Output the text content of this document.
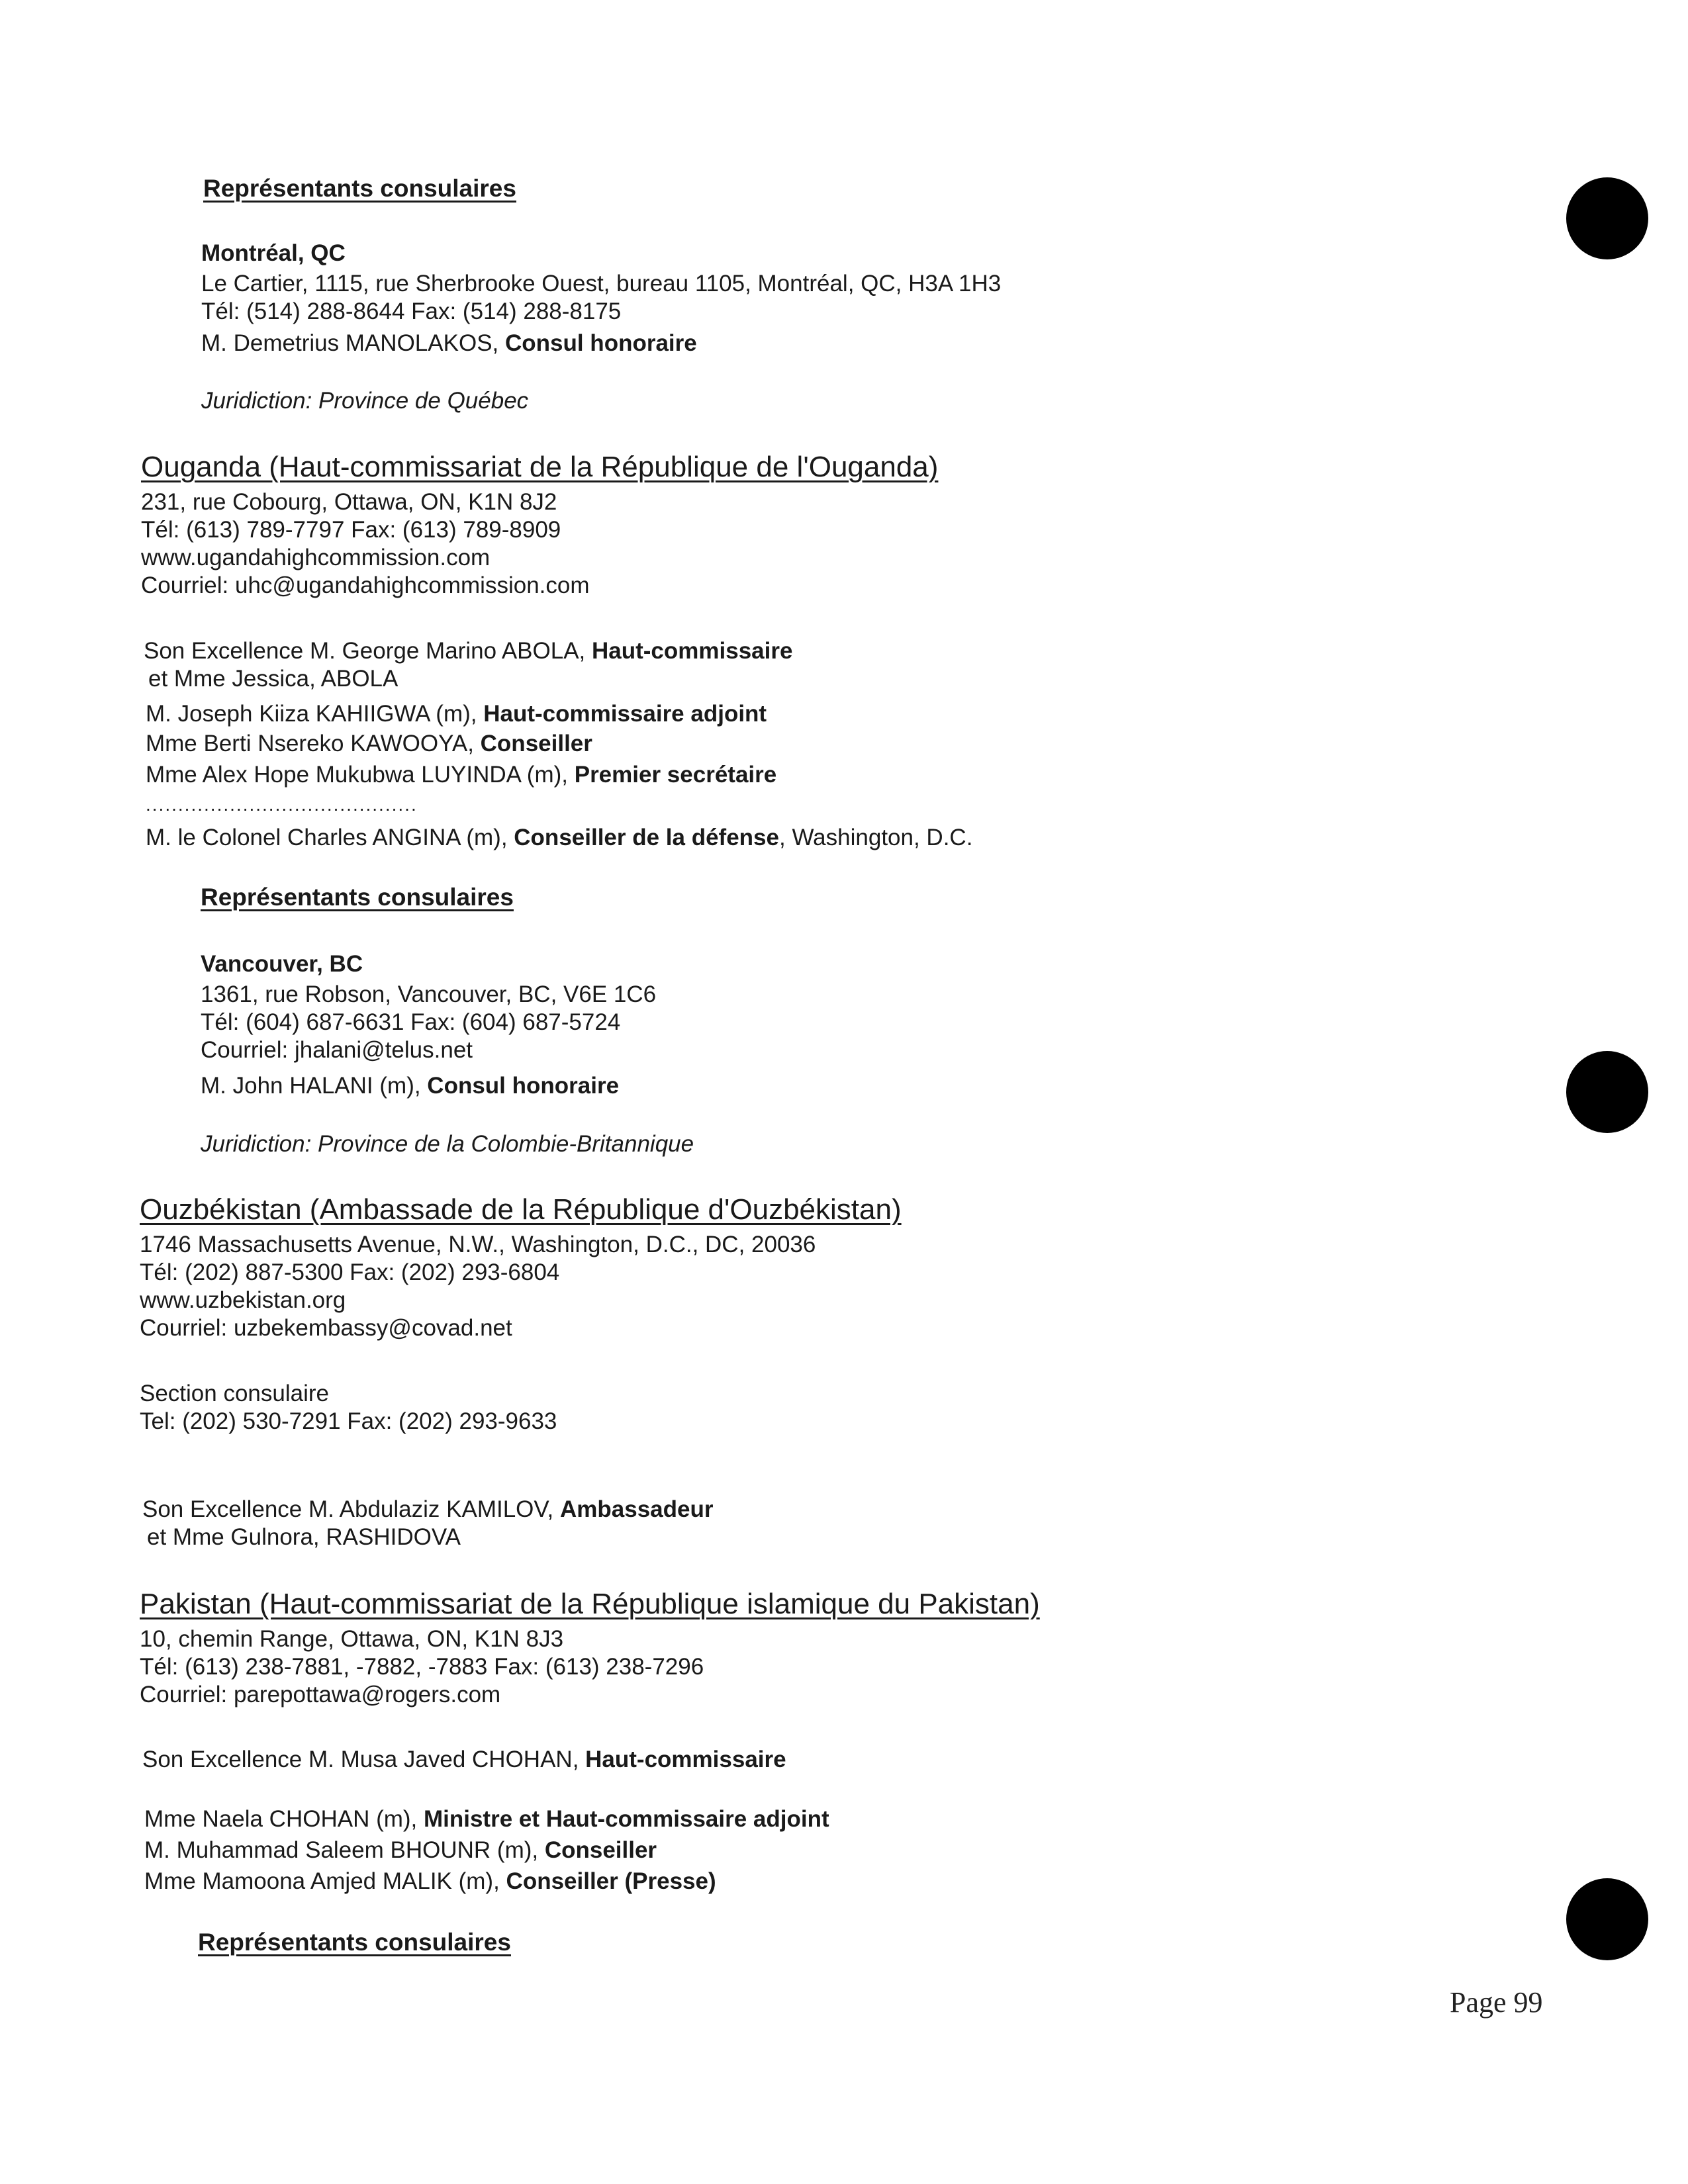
Représentants consulaires
Montréal, QC
Le Cartier, 1115, rue Sherbrooke Ouest, bureau 1105, Montréal, QC, H3A 1H3
Tél: (514) 288-8644 Fax: (514) 288-8175
M. Demetrius MANOLAKOS, Consul honoraire
Juridiction: Province de Québec
Ouganda (Haut-commissariat de la République de l'Ouganda)
231, rue Cobourg, Ottawa, ON, K1N 8J2
Tél: (613) 789-7797 Fax: (613) 789-8909
www.ugandahighcommission.com
Courriel: uhc@ugandahighcommission.com
Son Excellence M. George Marino ABOLA, Haut-commissaire
et Mme Jessica, ABOLA
M. Joseph Kiiza KAHIIGWA (m), Haut-commissaire adjoint
Mme Berti Nsereko KAWOOYA, Conseiller
Mme Alex Hope Mukubwa LUYINDA (m), Premier secrétaire
..........................................
M. le Colonel Charles ANGINA (m), Conseiller de la défense, Washington, D.C.
Représentants consulaires
Vancouver, BC
1361, rue Robson, Vancouver, BC, V6E 1C6
Tél: (604) 687-6631 Fax: (604) 687-5724
Courriel: jhalani@telus.net
M. John HALANI (m), Consul honoraire
Juridiction: Province de la Colombie-Britannique
Ouzbékistan (Ambassade de la République d'Ouzbékistan)
1746 Massachusetts Avenue, N.W., Washington, D.C., DC, 20036
Tél: (202) 887-5300 Fax: (202) 293-6804
www.uzbekistan.org
Courriel: uzbekembassy@covad.net
Section consulaire
Tel: (202) 530-7291 Fax: (202) 293-9633
Son Excellence M. Abdulaziz KAMILOV, Ambassadeur
et Mme Gulnora, RASHIDOVA
Pakistan (Haut-commissariat de la République islamique du Pakistan)
10, chemin Range, Ottawa, ON, K1N 8J3
Tél: (613) 238-7881, -7882, -7883 Fax: (613) 238-7296
Courriel: parepottawa@rogers.com
Son Excellence M. Musa Javed CHOHAN, Haut-commissaire
Mme Naela CHOHAN (m), Ministre et Haut-commissaire adjoint
M. Muhammad Saleem BHOUNR (m), Conseiller
Mme Mamoona Amjed MALIK (m), Conseiller (Presse)
Représentants consulaires
Page 99
